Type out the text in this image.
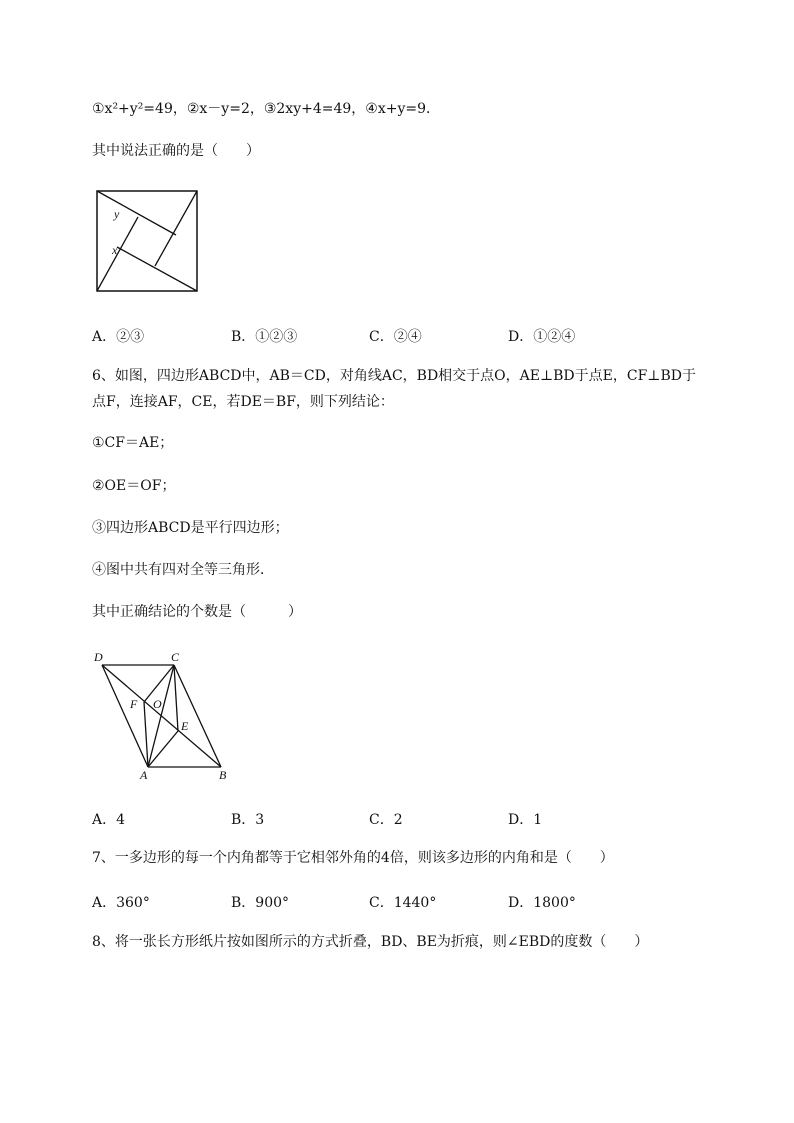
①x²+y²=49，②x－y=2，③2xy+4=49，④x+y=9．
其中说法正确的是（　　）
y
x
A．②③	B．①②③	C．②④	D．①②④
6、如图，四边形ABCD中，AB＝CD，对角线AC，BD相交于点O，AE⊥BD于点E，CF⊥BD于
点F，连接AF，CE，若DE＝BF，则下列结论：
①CF＝AE；
②OE＝OF；
③四边形ABCD是平行四边形；
④图中共有四对全等三角形．
其中正确结论的个数是（　　　）
D	C
F O
E
A	B
A．4	B．3	C．2	D．1
7、一多边形的每一个内角都等于它相邻外角的4倍，则该多边形的内角和是（　　）
A．360°	B．900°	C．1440°	D．1800°
8、将一张长方形纸片按如图所示的方式折叠，BD、BE为折痕，则∠EBD的度数（　　）
